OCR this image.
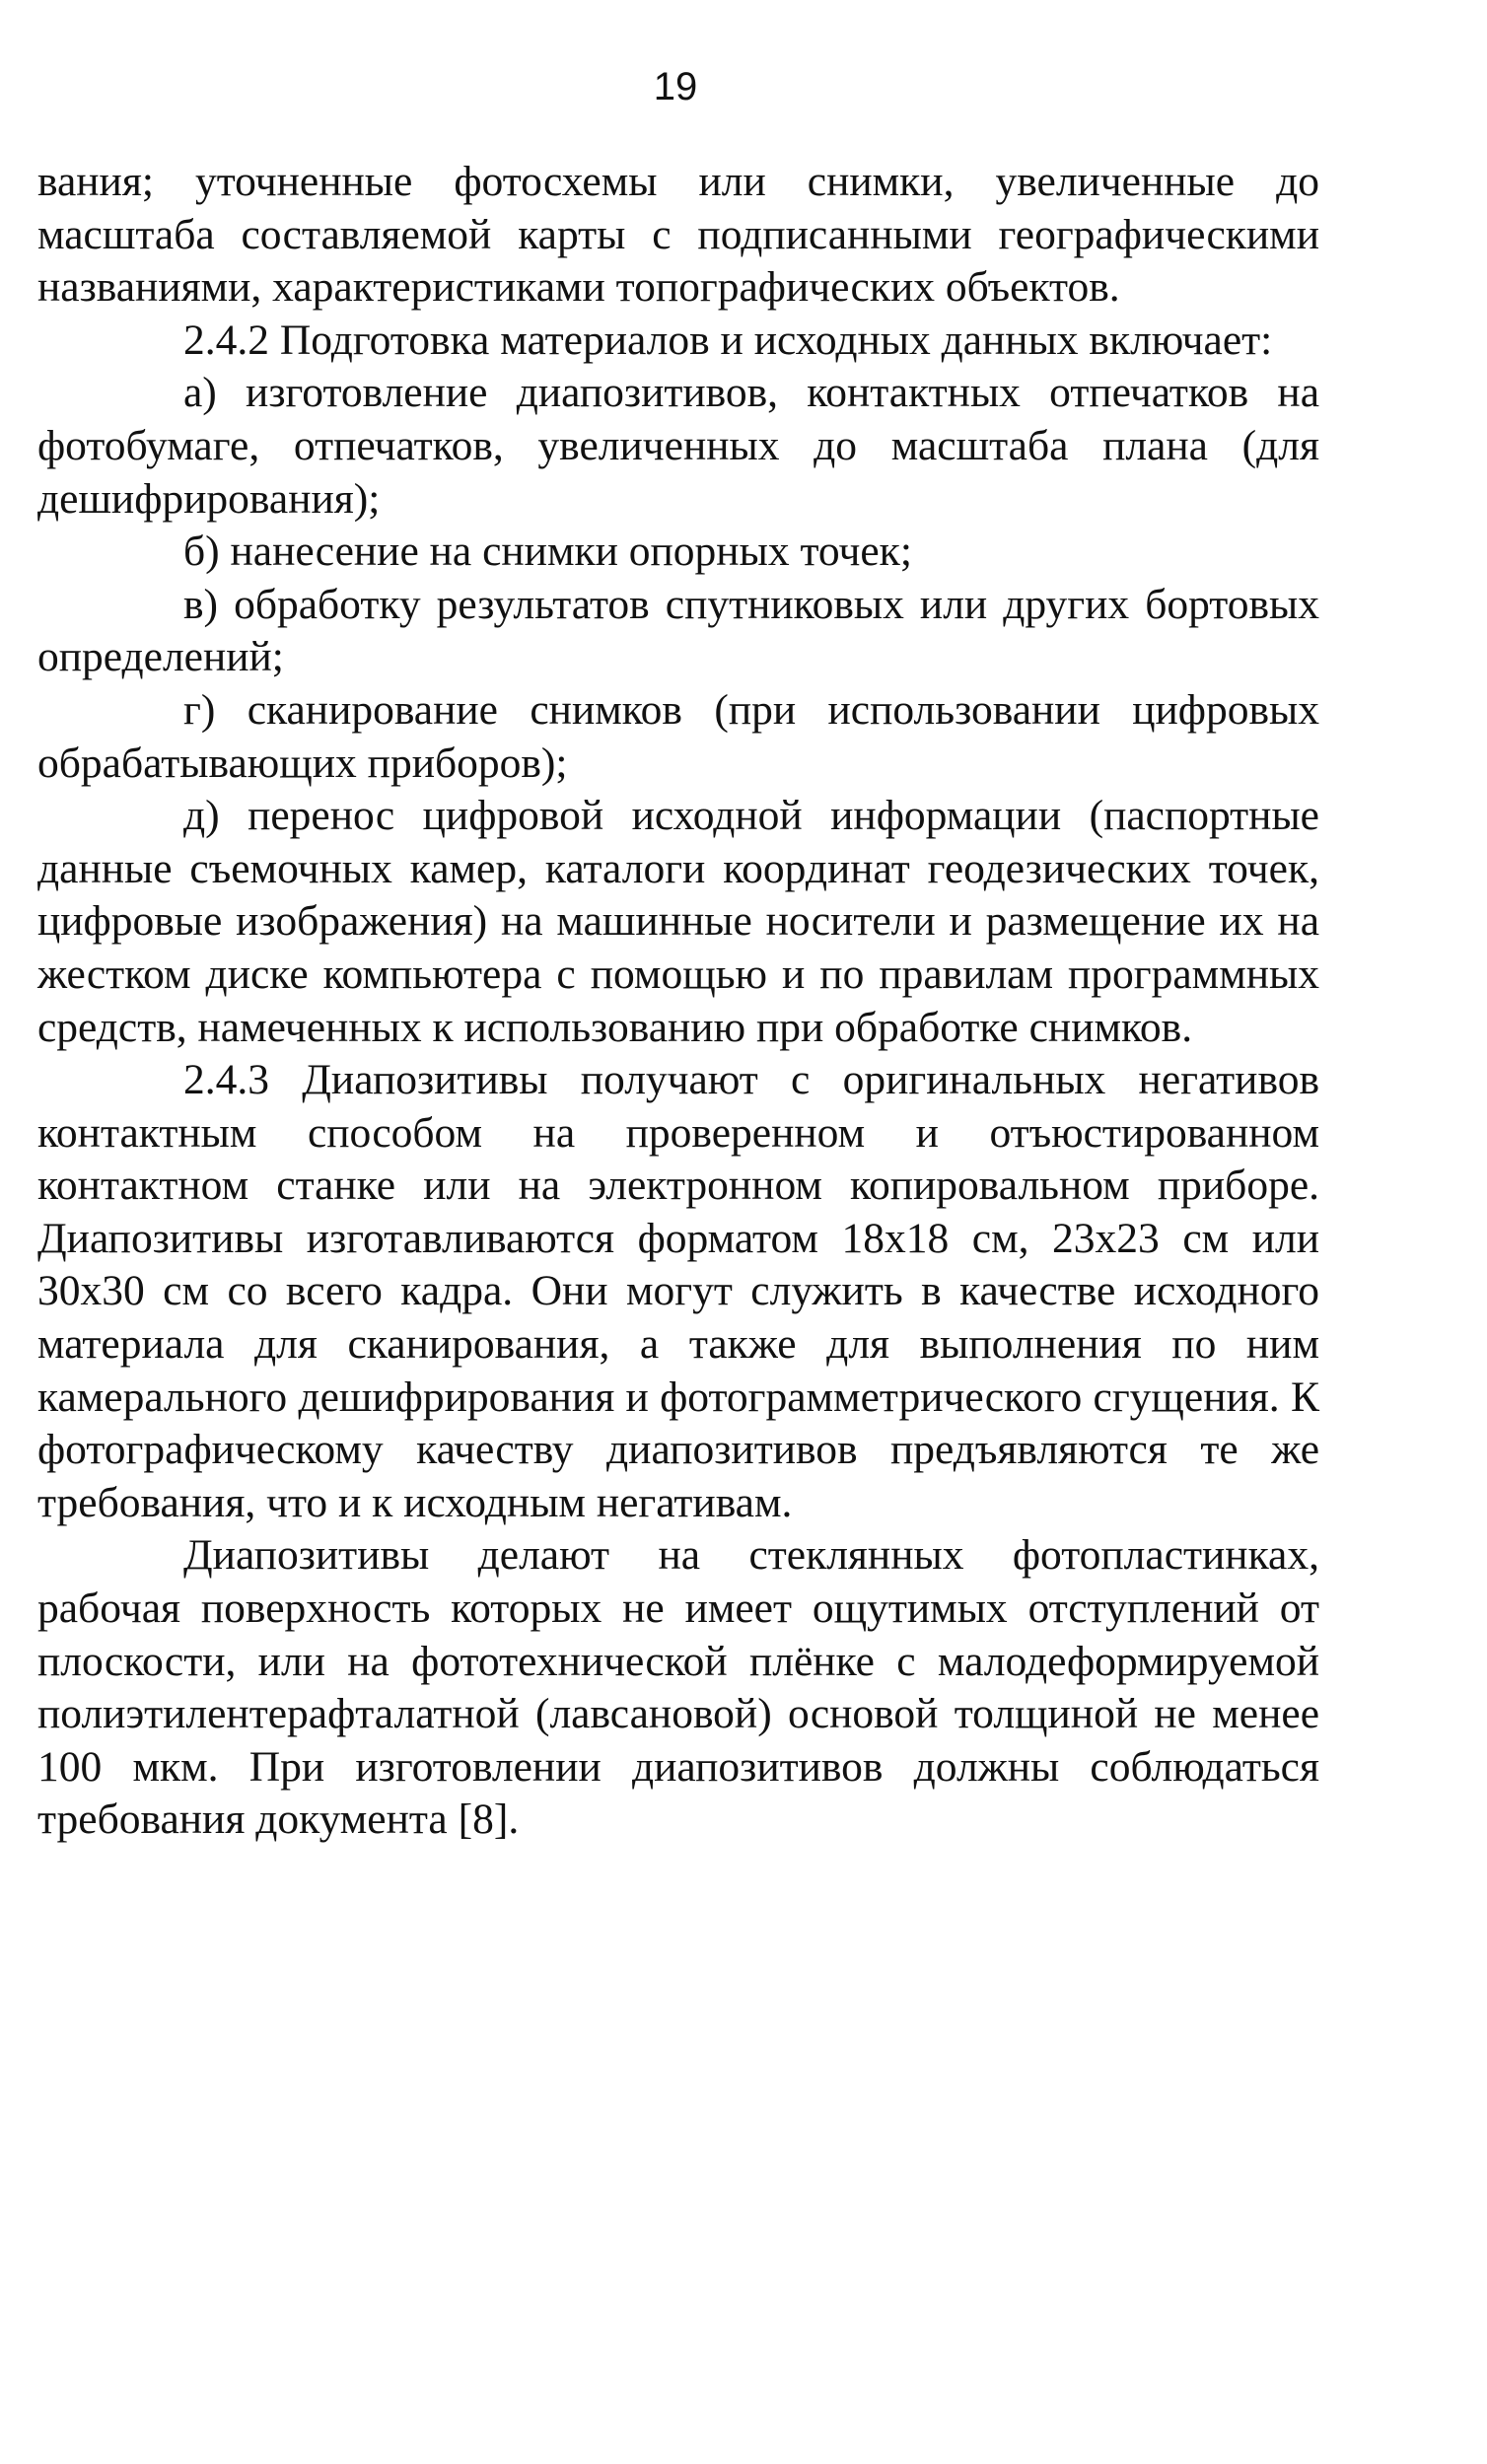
19

вания; уточненные фотосхемы или снимки, увеличенные до масштаба составляемой карты с подписанными географическими названиями, характеристиками топографических объектов.

2.4.2 Подготовка материалов и исходных данных включает:

а) изготовление диапозитивов, контактных отпечатков на фотобумаге, отпечатков, увеличенных до масштаба плана (для дешифрирования);

б) нанесение на снимки опорных точек;

в) обработку результатов спутниковых или других бортовых определений;

г) сканирование снимков (при использовании цифровых обрабатывающих приборов);

д) перенос цифровой исходной информации (паспортные данные съемочных камер, каталоги координат геодезических точек, цифровые изображения) на машинные носители и размещение их на жестком диске компьютера с помощью и по правилам программных средств, намеченных к использованию при обработке снимков.

2.4.3 Диапозитивы получают с оригинальных негативов контактным способом на проверенном и отъюстированном контактном станке или на электронном копировальном приборе. Диапозитивы изготавливаются форматом 18х18 см, 23х23 см или 30х30 см со всего кадра. Они могут служить в качестве исходного материала для сканирования, а также для выполнения по ним камерального дешифрирования и фотограмметрического сгущения. К фотографическому качеству диапозитивов предъявляются те же требования, что и к исходным негативам.

Диапозитивы делают на стеклянных фотопластинках, рабочая поверхность которых не имеет ощутимых отступлений от плоскости, или на фототехнической плёнке с малодеформируемой полиэтилентерафталатной (лавсановой) основой толщиной не менее 100 мкм. При изготовлении диапозитивов должны соблюдаться требования документа [8].
